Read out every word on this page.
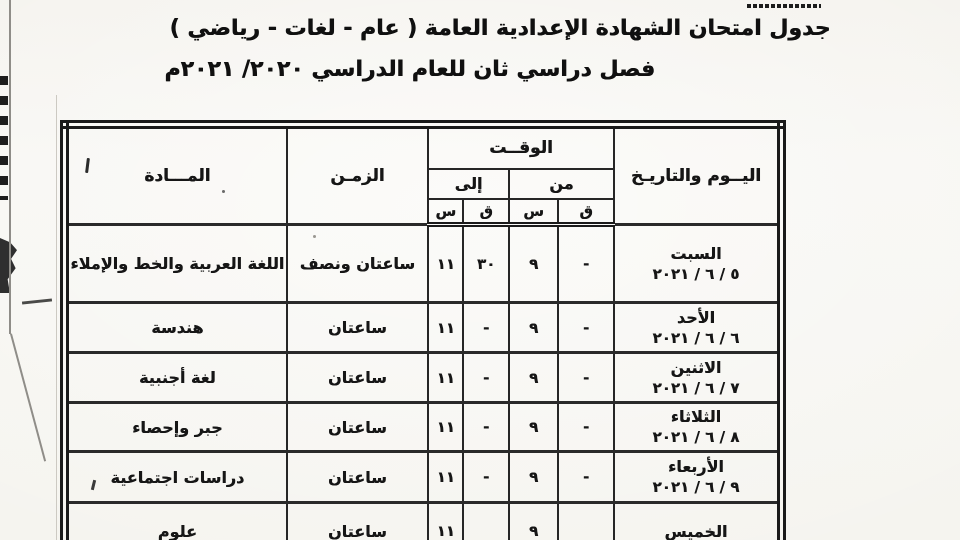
جدول امتحان الشهادة الإعدادية العامة ( عام - لغات - رياضي )
فصل دراسي ثان للعام الدراسي ٢٠٢٠/ ٢٠٢١م
اليــوم والتاريـخ	الوقــت				الزمـن	المـــادة
	من		إلى			
	ق	س	ق	س		

السبت
٥ / ٦ / ٢٠٢١	-	٩	٣٠	١١	ساعتان ونصف	اللغة العربية والخط والإملاء

الأحد
٦ / ٦ / ٢٠٢١	-	٩	-	١١	ساعتان	هندسة

الاثنين
٧ / ٦ / ٢٠٢١	-	٩	-	١١	ساعتان	لغة أجنبية

الثلاثاء
٨ / ٦ / ٢٠٢١	-	٩	-	١١	ساعتان	جبر وإحصاء

الأربعاء
٩ / ٦ / ٢٠٢١	-	٩	-	١١	ساعتان	دراسات اجتماعية

الخميس		٩		١١	ساعتان	علوم
